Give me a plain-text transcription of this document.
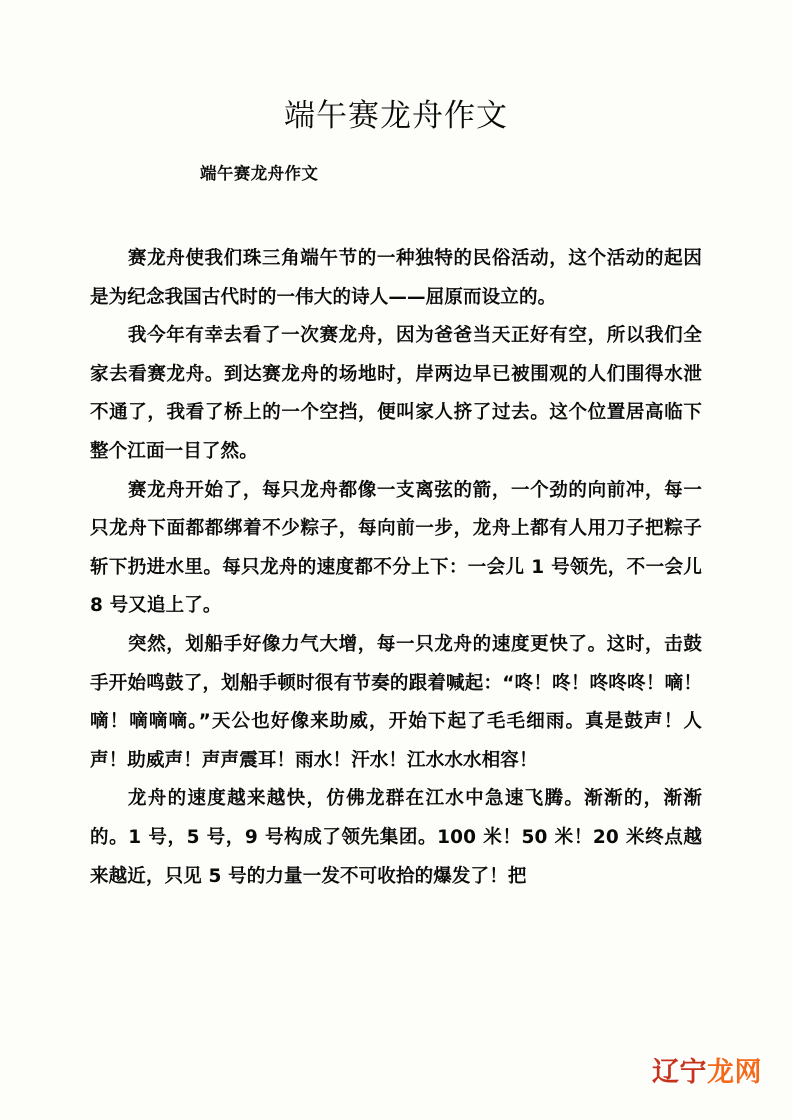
端午赛龙舟作文
端午赛龙舟作文

赛龙舟使我们珠三角端午节的一种独特的民俗活动，这个活动的起因是为纪念我国古代时的一伟大的诗人——屈原而设立的。

我今年有幸去看了一次赛龙舟，因为爸爸当天正好有空，所以我们全家去看赛龙舟。到达赛龙舟的场地时，岸两边早已被围观的人们围得水泄不通了，我看了桥上的一个空挡，便叫家人挤了过去。这个位置居高临下整个江面一目了然。

赛龙舟开始了，每只龙舟都像一支离弦的箭，一个劲的向前冲，每一只龙舟下面都都绑着不少粽子，每向前一步，龙舟上都有人用刀子把粽子斩下扔进水里。每只龙舟的速度都不分上下：一会儿 1 号领先，不一会儿 8 号又追上了。

突然，划船手好像力气大增，每一只龙舟的速度更快了。这时，击鼓手开始鸣鼓了，划船手顿时很有节奏的跟着喊起：“咚！咚！咚咚咚！嘀！嘀！嘀嘀嘀。”天公也好像来助威，开始下起了毛毛细雨。真是鼓声！人声！助威声！声声震耳！雨水！汗水！江水水水相容！

龙舟的速度越来越快，仿佛龙群在江水中急速飞腾。渐渐的，渐渐的。1 号，5 号，9 号构成了领先集团。100 米！50 米！20 米终点越来越近，只见 5 号的力量一发不可收拾的爆发了！把

辽宁龙网
